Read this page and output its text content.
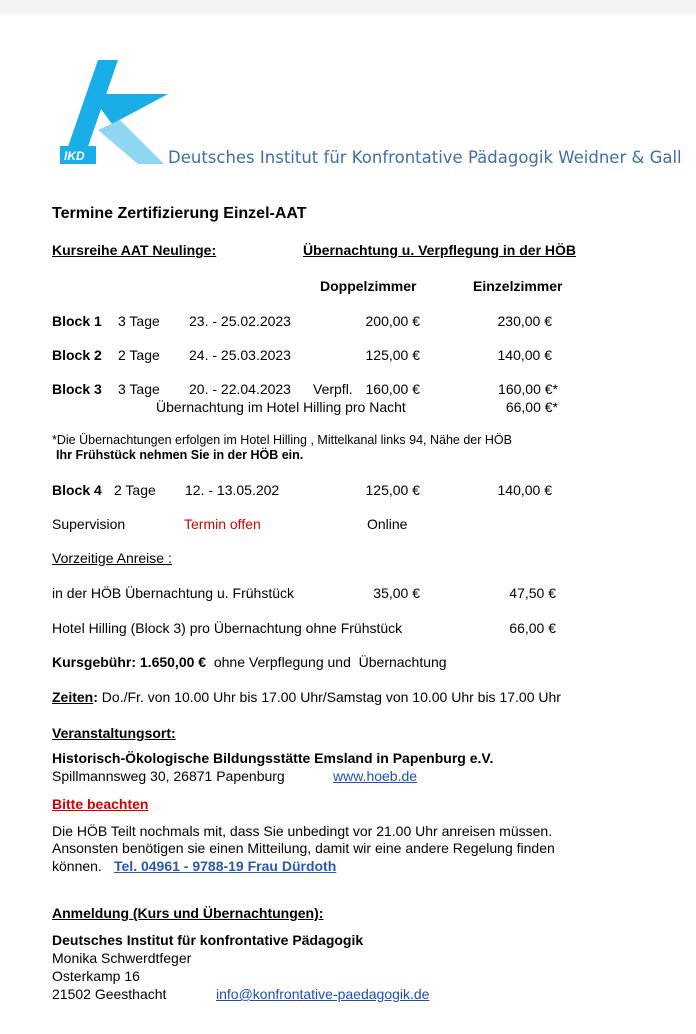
IKD	Deutsches Institut für Konfrontative Pädagogik Weidner & Gall
Termine Zertifizierung Einzel-AAT
Kursreihe AAT Neulinge:	Übernachtung u. Verpflegung in der HÖB
Doppelzimmer	Einzelzimmer
Block 1 3 Tage 23. - 25.02.2023	200,00 €	230,00 €
Block 2 2 Tage 24. - 25.03.2023	125,00 €	140,00 €
Block 3 3 Tage 20. - 22.04.2023 Verpfl. 160,00 €	160,00 €*
Übernachtung im Hotel Hilling pro Nacht	66,00 €*
*Die Übernachtungen erfolgen im Hotel Hilling , Mittelkanal links 94, Nähe der HÖB
Ihr Frühstück nehmen Sie in der HÖB ein.
Block 4 2 Tage 12. - 13.05.202	125,00 €	140,00 €
Supervision	Termin offen	Online
Vorzeitige Anreise :
in der HÖB Übernachtung u. Frühstück	35,00 €	47,50 €
Hotel Hilling (Block 3) pro Übernachtung ohne Frühstück	66,00 €
Kursgebühr: 1.650,00 €  ohne Verpflegung und  Übernachtung
Zeiten: Do./Fr. von 10.00 Uhr bis 17.00 Uhr/Samstag von 10.00 Uhr bis 17.00 Uhr
Veranstaltungsort:
Historisch-Ökologische Bildungsstätte Emsland in Papenburg e.V.
Spillmannsweg 30, 26871 Papenburg	www.hoeb.de
Bitte beachten
Die HÖB Teilt nochmals mit, dass Sie unbedingt vor 21.00 Uhr anreisen müssen.
Ansonsten benötigen sie einen Mitteilung, damit wir eine andere Regelung finden
können. Tel. 04961 - 9788-19 Frau Dürdoth
Anmeldung (Kurs und Übernachtungen):
Deutsches Institut für konfrontative Pädagogik
Monika Schwerdtfeger
Osterkamp 16
21502 Geesthacht	info@konfrontative-paedagogik.de
